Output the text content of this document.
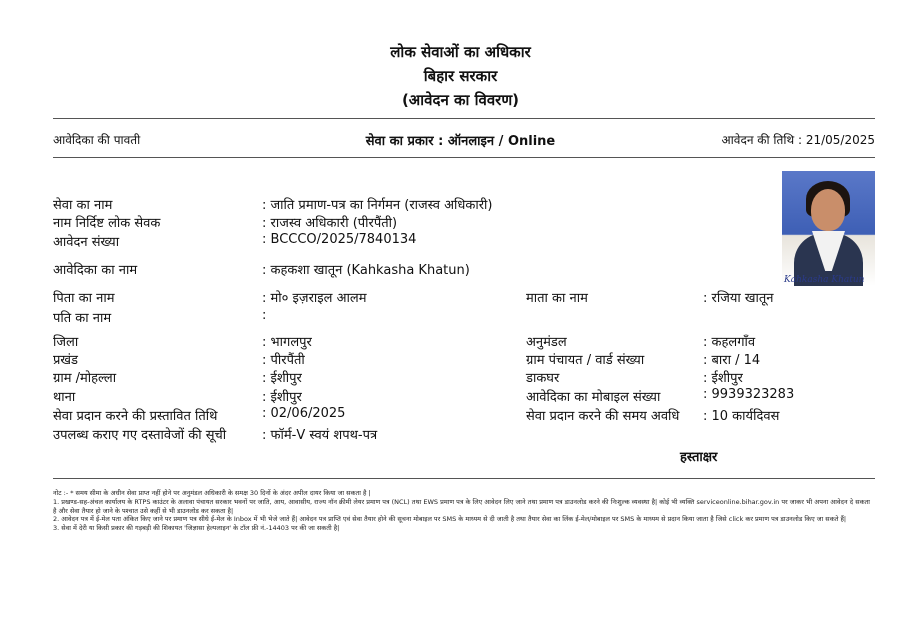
लोक सेवाओं का अधिकार
बिहार सरकार
(आवेदन का विवरण)
आवेदिका की पावती	सेवा का प्रकार : ऑनलाइन / Online	आवेदन की तिथि : 21/05/2025
Kahkasha Khatun
सेवा का नाम	: जाति प्रमाण-पत्र का निर्गमन (राजस्व अधिकारी)
नाम निर्दिष्ट लोक सेवक	: राजस्व अधिकारी (पीरपैंती)
आवेदन संख्या	: BCCCO/2025/7840134
आवेदिका का नाम	: कहकशा खातून (Kahkasha Khatun)
पिता का नाम	: मो० इज़राइल आलम	माता का नाम	: रजिया खातून
पति का नाम	:
जिला	: भागलपुर	अनुमंडल	: कहलगाँव
प्रखंड	: पीरपैंती	ग्राम पंचायत / वार्ड संख्या	: बारा / 14
ग्राम /मोहल्ला	: ईशीपुर	डाकघर	: ईशीपुर
थाना	: ईशीपुर	आवेदिका का मोबाइल संख्या	: 9939323283
सेवा प्रदान करने की प्रस्तावित तिथि	: 02/06/2025	सेवा प्रदान करने की समय अवधि : 10 कार्यदिवस
उपलब्ध कराए गए दस्तावेजों की सूची	: फॉर्म-V स्वयं शपथ-पत्र
हस्ताक्षर

नोट :- * समय सीमा के अधीन सेवा प्राप्त नहीं होने पर अनुमंडल अधिकारी के समक्ष 30 दिनों के अंदर अपील दायर किया जा सकता है |

1. प्रखण्ड-सह-अंचल कार्यालय के RTPS काउंटर के अलावा पंचायत सरकार भवनों पर जाति, आय, आवासीय, राज्य नॉन क्रीमी लेयर प्रमाण पत्र (NCL) तथा EWS प्रमाण पत्र के लिए आवेदन लिए जाने तथा प्रमाण पत्र डाउनलोड करने की निःशुल्क व्यवस्था है| कोई भी व्यक्ति serviceonline.bihar.gov.in पर जाकर भी अपना आवेदन दे सकता है और सेवा तैयार हो जाने के पश्चात उसे कहीं से भी डाउनलोड कर सकता है|

2. आवेदन पत्र में ई-मेल पता अंकित किए जाने पर प्रमाण पत्र सीधे ई-मेल के Inbox में भी भेजे जाते हैं| आवेदन पत्र प्राप्ति एवं सेवा तैयार होने की सूचना मोबाइल पर SMS के माध्यम से दी जाती है तथा तैयार सेवा का लिंक ई-मेल/मोबाइल पर SMS के माध्यम से प्रदान किया जाता है जिसे click कर प्रमाण पत्र डाउनलोड किए जा सकते हैं|

3. सेवा में देरी या किसी प्रकार की गड़बड़ी की शिकायत 'जिज्ञासा हेल्पलाइन' के टॉल फ्री नं.-14403 पर की जा सकती है|
